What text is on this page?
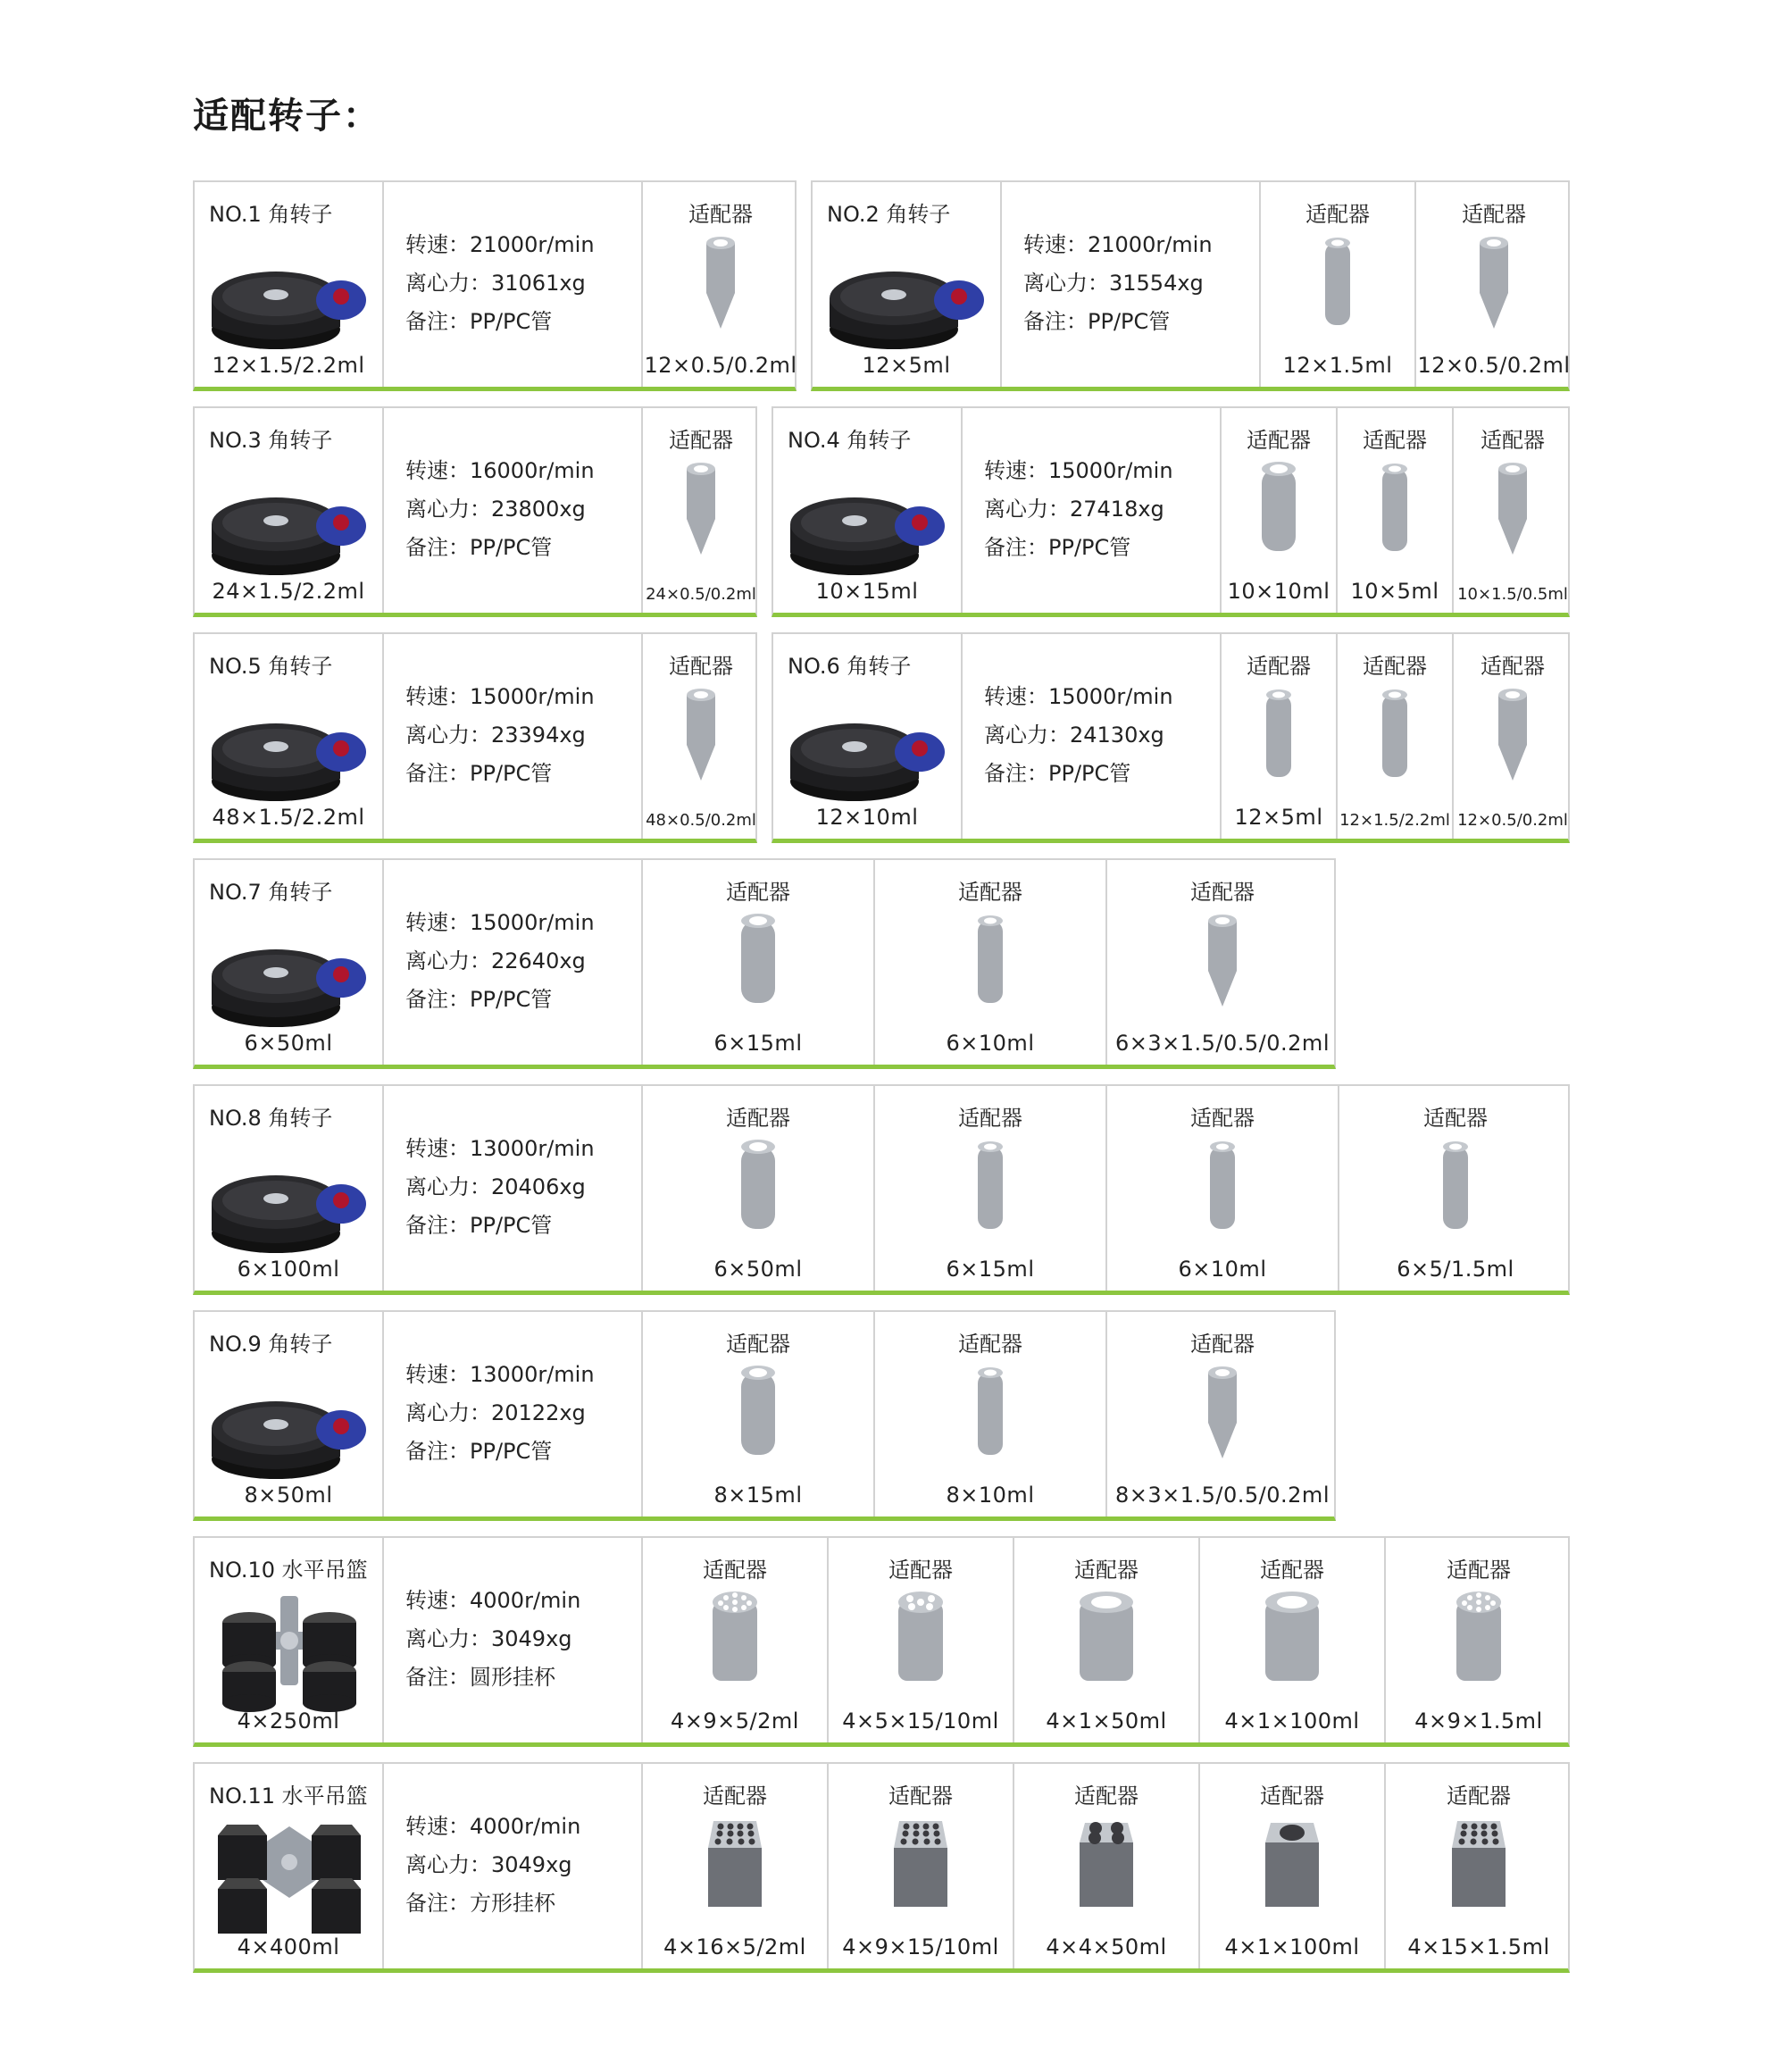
适配转子：
NO.1 角转子
12×1.5/2.2ml
转速：21000r/min
离心力：31061xg
备注：PP/PC管
适配器
12×0.5/0.2ml
NO.2 角转子
12×5ml
转速：21000r/min
离心力：31554xg
备注：PP/PC管
适配器
12×1.5ml
适配器
12×0.5/0.2ml
NO.3 角转子
24×1.5/2.2ml
转速：16000r/min
离心力：23800xg
备注：PP/PC管
适配器
24×0.5/0.2ml
NO.4 角转子
10×15ml
转速：15000r/min
离心力：27418xg
备注：PP/PC管
适配器
10×10ml
适配器
10×5ml
适配器
10×1.5/0.5ml
NO.5 角转子
48×1.5/2.2ml
转速：15000r/min
离心力：23394xg
备注：PP/PC管
适配器
48×0.5/0.2ml
NO.6 角转子
12×10ml
转速：15000r/min
离心力：24130xg
备注：PP/PC管
适配器
12×5ml
适配器
12×1.5/2.2ml
适配器
12×0.5/0.2ml
NO.7 角转子
6×50ml
转速：15000r/min
离心力：22640xg
备注：PP/PC管
适配器
6×15ml
适配器
6×10ml
适配器
6×3×1.5/0.5/0.2ml
NO.8 角转子
6×100ml
转速：13000r/min
离心力：20406xg
备注：PP/PC管
适配器
6×50ml
适配器
6×15ml
适配器
6×10ml
适配器
6×5/1.5ml
NO.9 角转子
8×50ml
转速：13000r/min
离心力：20122xg
备注：PP/PC管
适配器
8×15ml
适配器
8×10ml
适配器
8×3×1.5/0.5/0.2ml
NO.10 水平吊篮
4×250ml
转速：4000r/min
离心力：3049xg
备注：圆形挂杯
适配器
4×9×5/2ml
适配器
4×5×15/10ml
适配器
4×1×50ml
适配器
4×1×100ml
适配器
4×9×1.5ml
NO.11 水平吊篮
4×400ml
转速：4000r/min
离心力：3049xg
备注：方形挂杯
适配器
4×16×5/2ml
适配器
4×9×15/10ml
适配器
4×4×50ml
适配器
4×1×100ml
适配器
4×15×1.5ml
